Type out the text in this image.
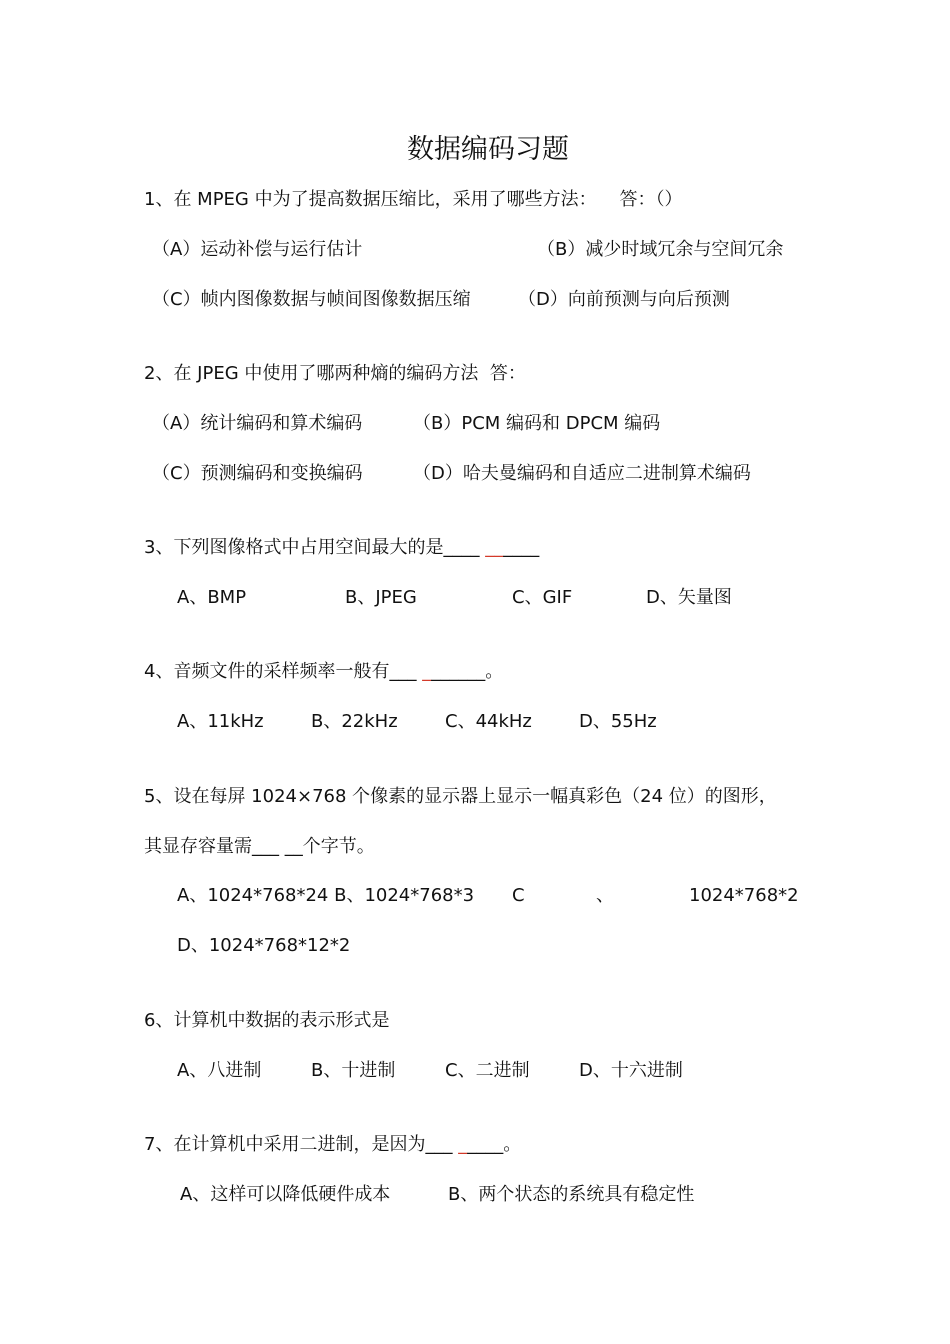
数据编码习题
1、在 MPEG 中为了提高数据压缩比，采用了哪些方法：    答：（）
（A）运动补偿与运行估计	（B）减少时域冗余与空间冗余
（C）帧内图像数据与帧间图像数据压缩	（D）向前预测与向后预测
2、在 JPEG 中使用了哪两种熵的编码方法  答：
（A）统计编码和算术编码	（B）PCM 编码和 DPCM 编码
（C）预测编码和变换编码	（D）哈夫曼编码和自适应二进制算术编码
3、下列图像格式中占用空间最大的是____ ______
A、BMP	B、JPEG	C、GIF	D、矢量图
4、音频文件的采样频率一般有___ _______。
A、11kHz	B、22kHz	C、44kHz	D、55Hz
5、设在每屏 1024×768 个像素的显示器上显示一幅真彩色（24 位）的图形，
其显存容量需___ __个字节。
A、1024*768*24 B、1024*768*3 C	、	1024*768*2
D、1024*768*12*2
6、计算机中数据的表示形式是
A、八进制	B、十进制	C、二进制	D、十六进制
7、在计算机中采用二进制，是因为___ _____。
A、这样可以降低硬件成本	B、两个状态的系统具有稳定性
